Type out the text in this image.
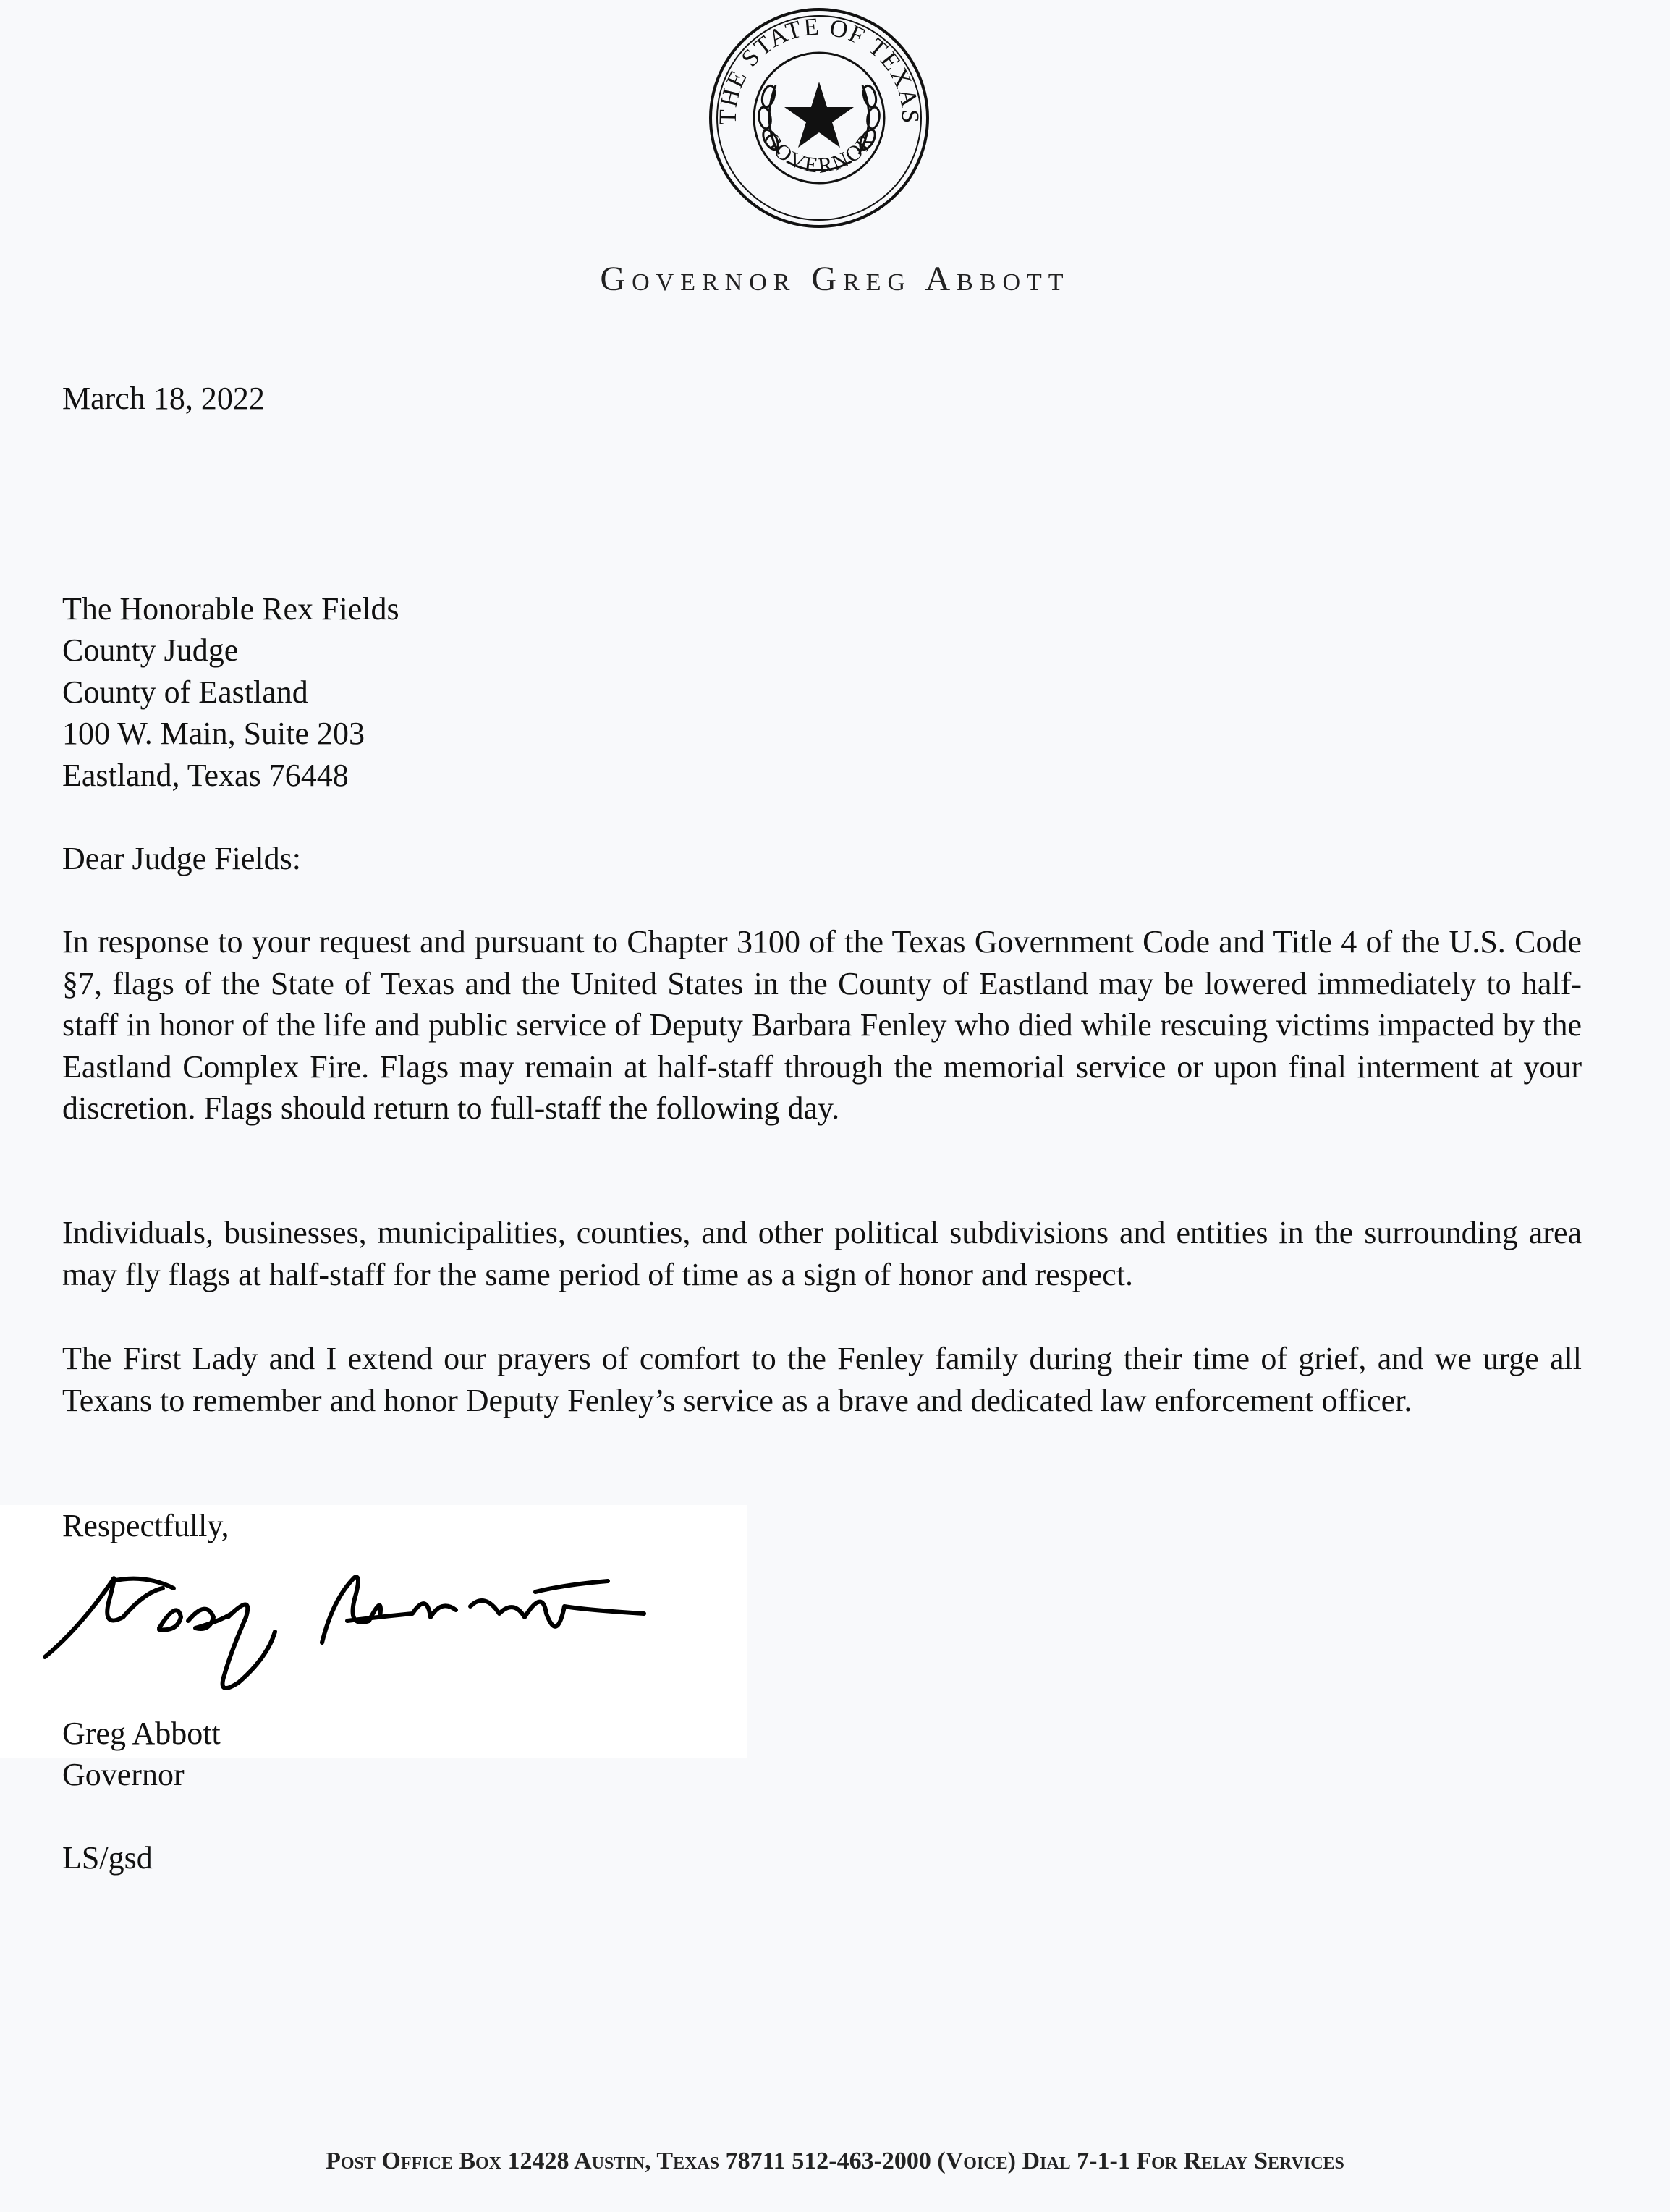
THE STATE OF TEXAS
GOVERNOR
Governor Greg Abbott
March 18, 2022
The Honorable Rex Fields
County Judge
County of Eastland
100 W. Main, Suite 203
Eastland, Texas 76448
Dear Judge Fields:
In response to your request and pursuant to Chapter 3100 of the Texas Government Code and Title 4 of the U.S. Code §7, flags of the State of Texas and the United States in the County of Eastland may be lowered immediately to half-staff in honor of the life and public service of Deputy Barbara Fenley who died while rescuing victims impacted by the Eastland Complex Fire. Flags may remain at half-staff through the memorial service or upon final interment at your discretion. Flags should return to full-staff the following day.
Individuals, businesses, municipalities, counties, and other political subdivisions and entities in the surrounding area may fly flags at half-staff for the same period of time as a sign of honor and respect.
The First Lady and I extend our prayers of comfort to the Fenley family during their time of grief, and we urge all Texans to remember and honor Deputy Fenley’s service as a brave and dedicated law enforcement officer.
Respectfully,
Greg Abbott
Governor
LS/gsd
Post Office Box 12428 Austin, Texas 78711 512-463-2000 (Voice) Dial 7-1-1 For Relay Services
